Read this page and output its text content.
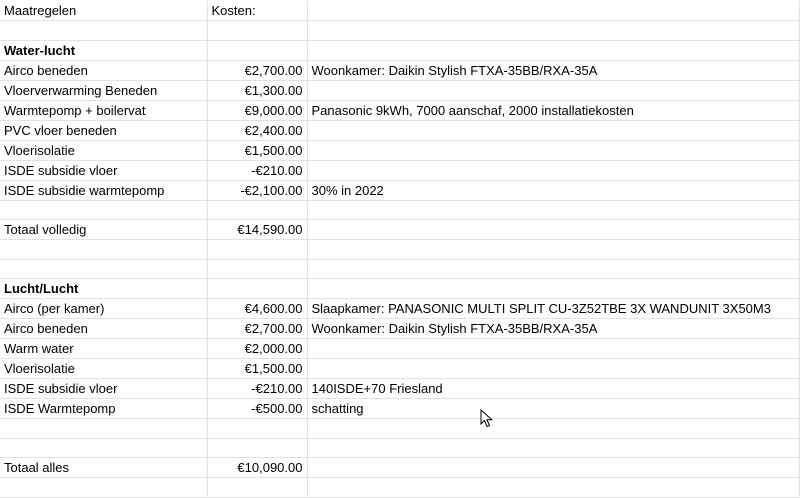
Maatregelen	Kosten:	

Water-lucht		
Airco beneden	€2,700.00	Woonkamer: Daikin Stylish FTXA-35BB/RXA-35A
Vloerverwarming Beneden	€1,300.00	
Warmtepomp + boilervat	€9,000.00	Panasonic 9kWh, 7000 aanschaf, 2000 installatiekosten
PVC vloer beneden	€2,400.00	
Vloerisolatie	€1,500.00	
ISDE subsidie vloer	-€210.00	
ISDE subsidie warmtepomp	-€2,100.00	30% in 2022

Totaal volledig	€14,590.00	

Lucht/Lucht		
Airco (per kamer)	€4,600.00	Slaapkamer: PANASONIC MULTI SPLIT CU-3Z52TBE 3X WANDUNIT 3X50M3
Airco beneden	€2,700.00	Woonkamer: Daikin Stylish FTXA-35BB/RXA-35A
Warm water	€2,000.00	
Vloerisolatie	€1,500.00	
ISDE subsidie vloer	-€210.00	140ISDE+70 Friesland
ISDE Warmtepomp	-€500.00	schatting

Totaal alles	€10,090.00	
